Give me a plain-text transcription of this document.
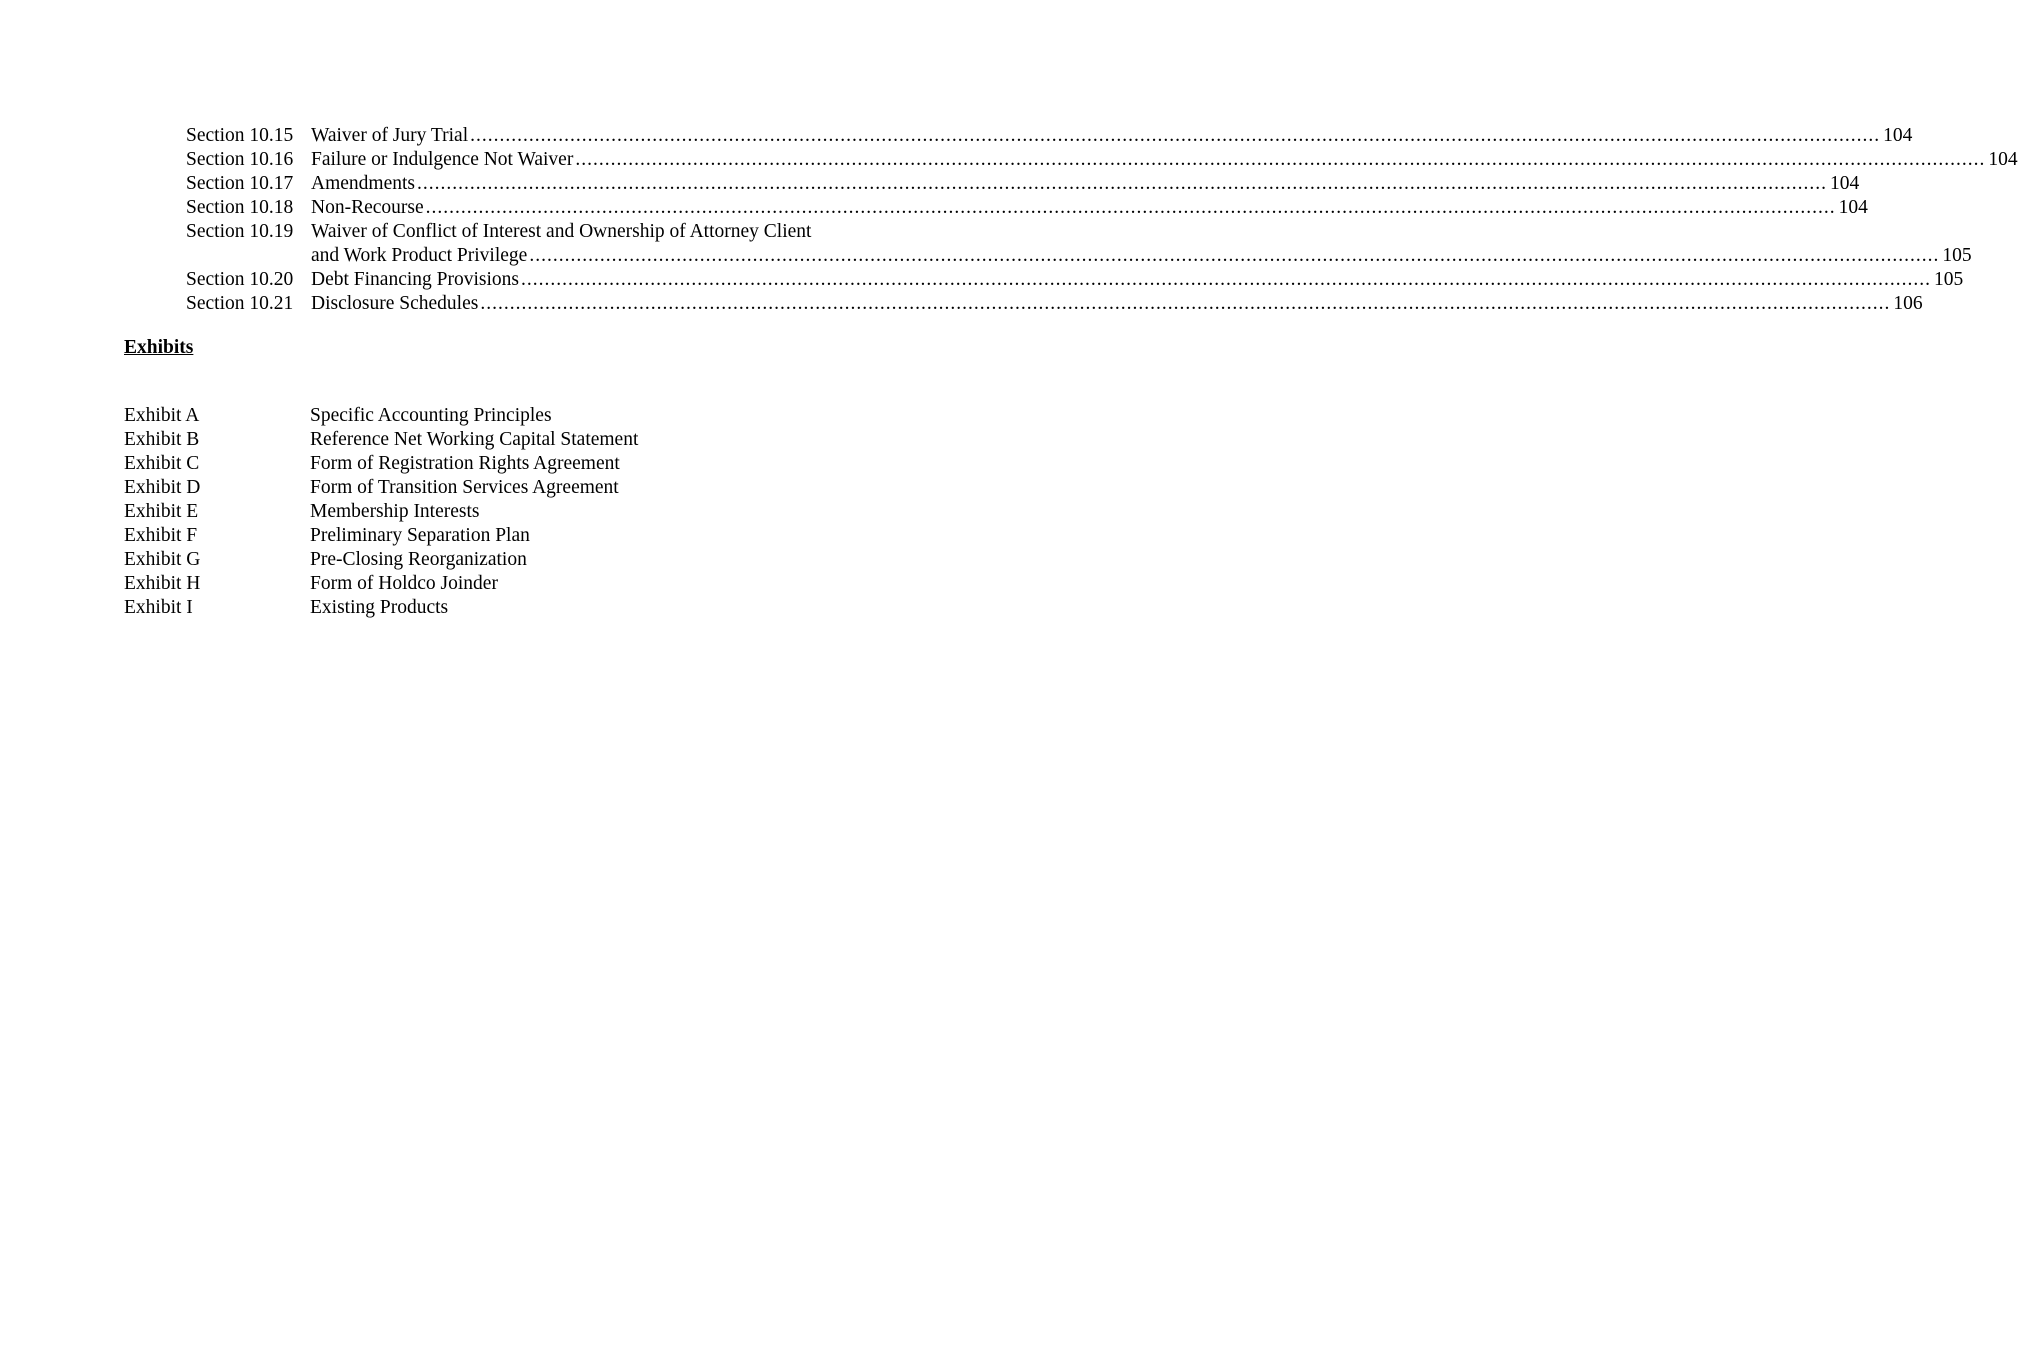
Section 10.15 Waiver of Jury Trial .....	104
Section 10.16 Failure or Indulgence Not Waiver .....	104
Section 10.17 Amendments .....	104
Section 10.18 Non-Recourse .....	104
Section 10.19 Waiver of Conflict of Interest and Ownership of Attorney Client
and Work Product Privilege .....	105
Section 10.20 Debt Financing Provisions .....	105
Section 10.21 Disclosure Schedules .....	106
Exhibits
Exhibit A	Specific Accounting Principles
Exhibit B	Reference Net Working Capital Statement
Exhibit C	Form of Registration Rights Agreement
Exhibit D	Form of Transition Services Agreement
Exhibit E	Membership Interests
Exhibit F	Preliminary Separation Plan
Exhibit G	Pre-Closing Reorganization
Exhibit H	Form of Holdco Joinder
Exhibit I	Existing Products
